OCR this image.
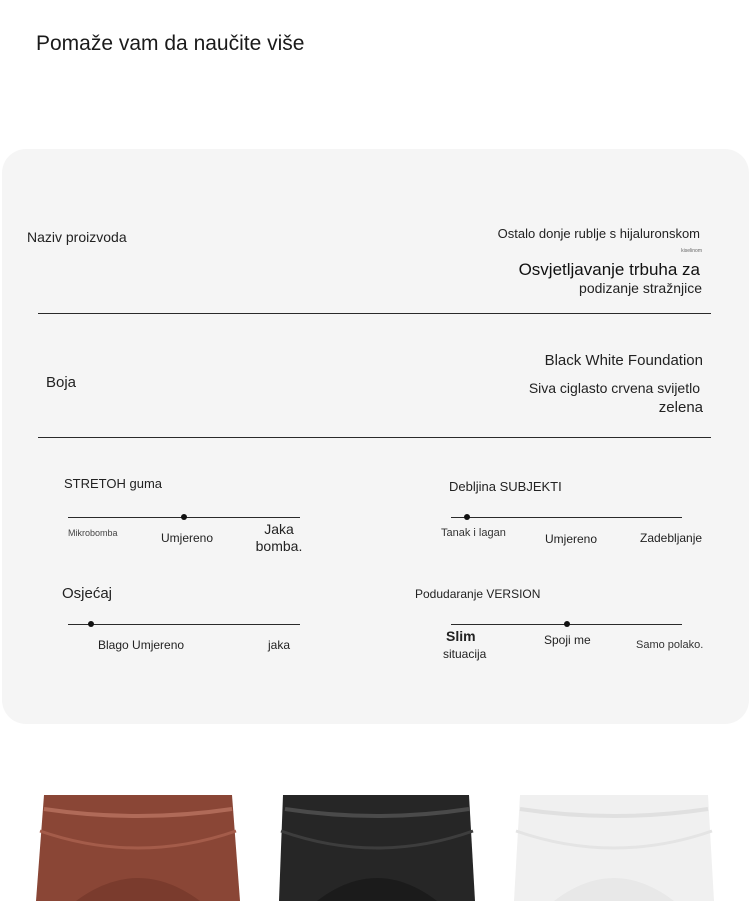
Pomaže vam da naučite više
Naziv proizvoda	Ostalo donje rublje s hijaluronskom
kiselinom
Osvjetljavanje trbuha za
podizanje stražnjice
Boja
Black White Foundation
Siva ciglasto crvena svijetlo
zelena
STRETOH guma
Mikrobomba	Umjereno
Jaka bomba.
Debljina SUBJEKTI
Tanak i lagan	Umjereno	Zadebljanje
Osjećaj
Blago Umjereno	jaka
Podudaranje VERSION
Slim
situacija
Spoji me	Samo polako.
